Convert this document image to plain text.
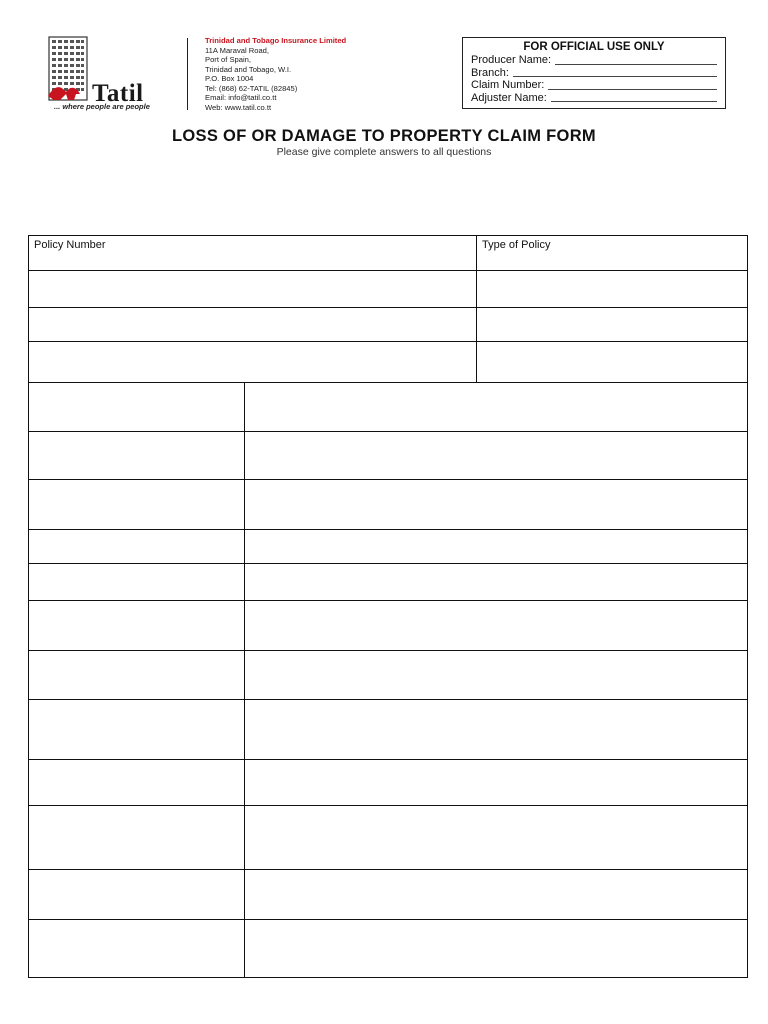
Tatil
... where people are people
Trinidad and Tobago Insurance Limited
11A Maraval Road,
Port of Spain,
Trinidad and Tobago, W.I.
P.O. Box 1004
Tel: (868) 62-TATIL (82845)
Email: info@tatil.co.tt
Web: www.tatil.co.tt
FOR OFFICIAL USE ONLY
Producer Name:
Branch:
Claim Number:
Adjuster Name:
LOSS OF OR DAMAGE TO PROPERTY CLAIM FORM
Please give complete answers to all questions
Policy Number		Type of Policy
